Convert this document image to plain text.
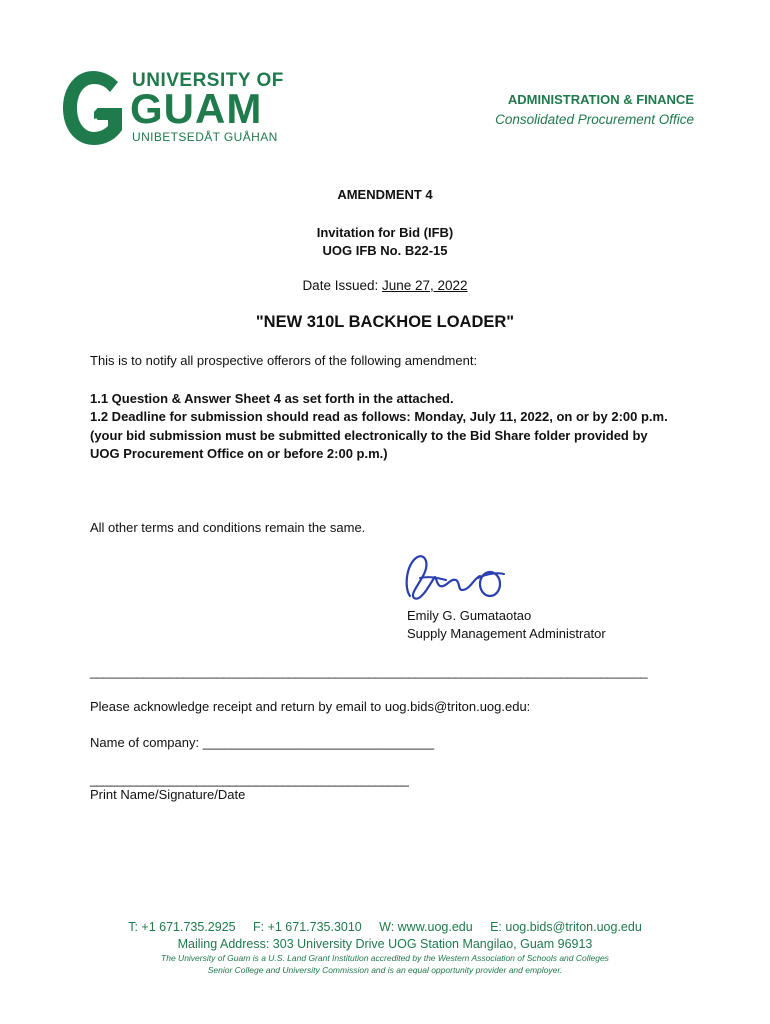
UNIVERSITY OF
GUAM
UNIBETSEDÅT GUÅHAN
ADMINISTRATION & FINANCE
Consolidated Procurement Office
AMENDMENT 4
Invitation for Bid (IFB)
UOG IFB No. B22-15
Date Issued: June 27, 2022
"NEW 310L BACKHOE LOADER"
This is to notify all prospective offerors of the following amendment:
1.1 Question & Answer Sheet 4 as set forth in the attached.
1.2 Deadline for submission should read as follows: Monday, July 11, 2022, on or by 2:00 p.m.
(your bid submission must be submitted electronically to the Bid Share folder provided by
UOG Procurement Office on or before 2:00 p.m.)
All other terms and conditions remain the same.
Emily G. Gumataotao
Supply Management Administrator
____________________________________________________________________________________
Please acknowledge receipt and return by email to uog.bids@triton.uog.edu:
Name of company: ________________________________
________________________________________________
Print Name/Signature/Date
T: +1 671.735.2925 F: +1 671.735.3010 W: www.uog.edu E: uog.bids@triton.uog.edu
Mailing Address: 303 University Drive UOG Station Mangilao, Guam 96913
The University of Guam is a U.S. Land Grant Institution accredited by the Western Association of Schools and Colleges
Senior College and University Commission and is an equal opportunity provider and employer.
